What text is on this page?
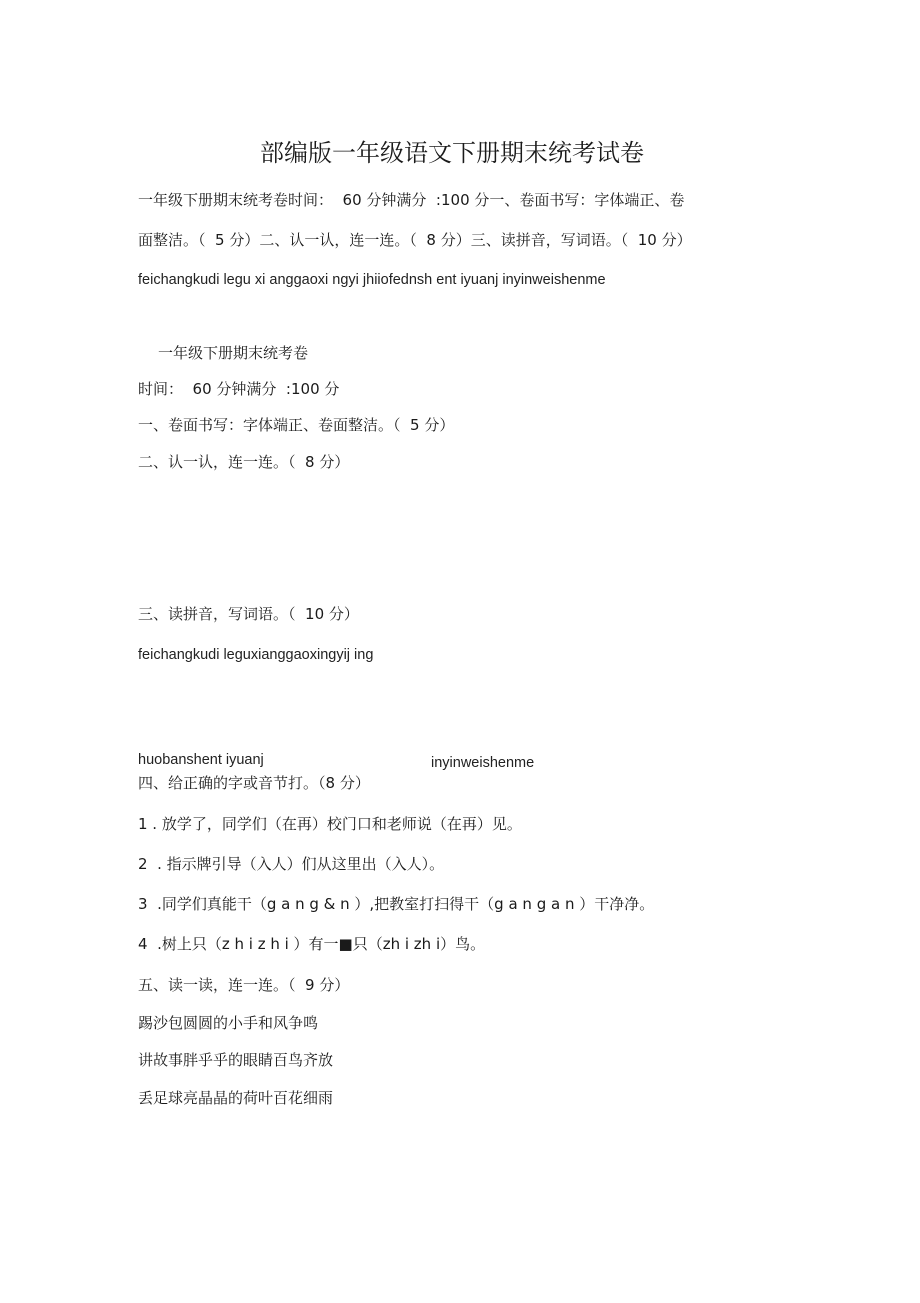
部编版一年级语文下册期末统考试卷
一年级下册期末统考卷时间：  60 分钟满分  :100 分一、卷面书写：字体端正、卷
面整洁。（  5 分）二、认一认，连一连。（  8 分）三、读拼音，写词语。（  10 分）
feichangkudi legu xi anggaoxi ngyi jhiiofednsh ent iyuanj inyinweishenme
一年级下册期末统考卷
时间：  60 分钟满分  :100 分
一、卷面书写：字体端正、卷面整洁。（  5 分）
二、认一认，连一连。（  8 分）
三、读拼音，写词语。（  10 分）
feichangkudi leguxianggaoxingyij ing
huobanshent iyuanj	inyinweishenme
四、给正确的字或音节打。（8 分）
1 . 放学了，同学们（在再）校门口和老师说（在再）见。
2  . 指示牌引导（入人）们从这里出（入人）。
3  .同学们真能干（g a n g & n ）,把教室打扫得干（g a n g a n ）干净净。
4  .树上只（z h i z h i ）有一■只（zh i zh i）鸟。
五、读一读，连一连。（  9 分）
踢沙包圆圆的小手和风争鸣
讲故事胖乎乎的眼睛百鸟齐放
丢足球亮晶晶的荷叶百花细雨
